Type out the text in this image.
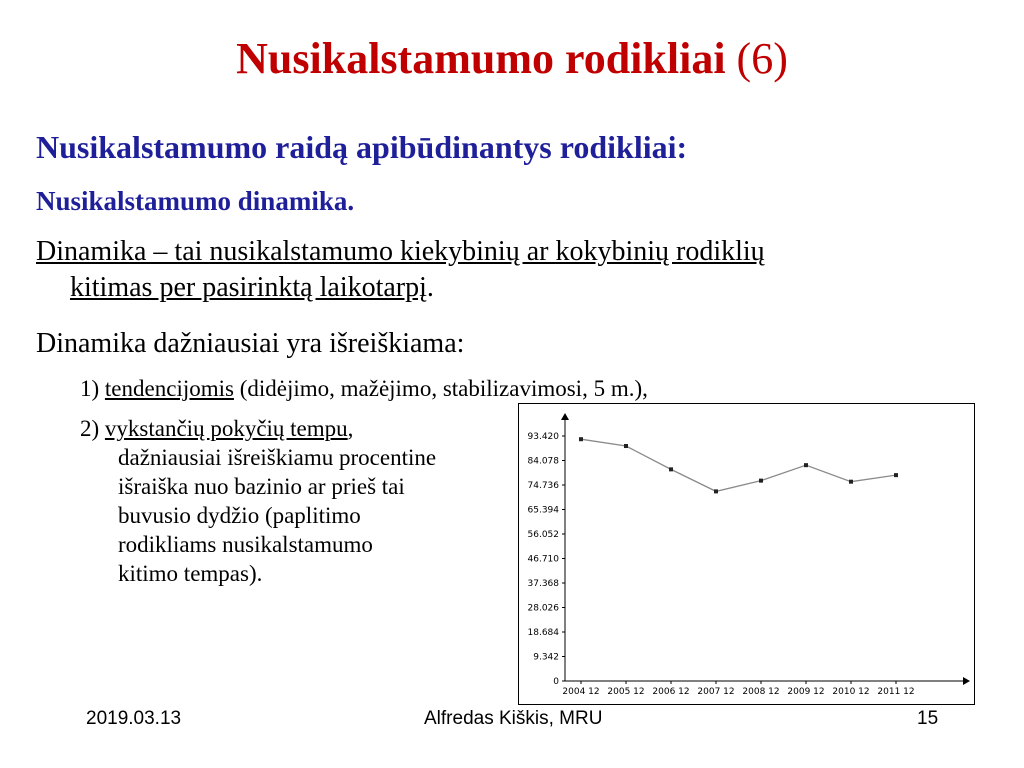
Nusikalstamumo rodikliai (6)

Nusikalstamumo raidą apibūdinantys rodikliai:

Nusikalstamumo dinamika.

Dinamika – tai nusikalstamumo kiekybinių ar kokybinių rodiklių
kitimas per pasirinktą laikotarpį.

Dinamika dažniausiai yra išreiškiama:

1) tendencijomis (didėjimo, mažėjimo, stabilizavimosi, 5 m.),

2) vykstančių pokyčių tempu,
dažniausiai išreiškiamu procentine
išraiška nuo bazinio ar prieš tai
buvusio dydžio (paplitimo
rodikliams nusikalstamumo
kitimo tempas).

0
9.342
18.684
28.026
37.368
46.710
56.052
65.394
74.736
84.078
93.420
2004 12 2005 12 2006 12 2007 12 2008 12 2009 12 2010 12 2011 12

2019.03.13	Alfredas Kiškis, MRU	15
